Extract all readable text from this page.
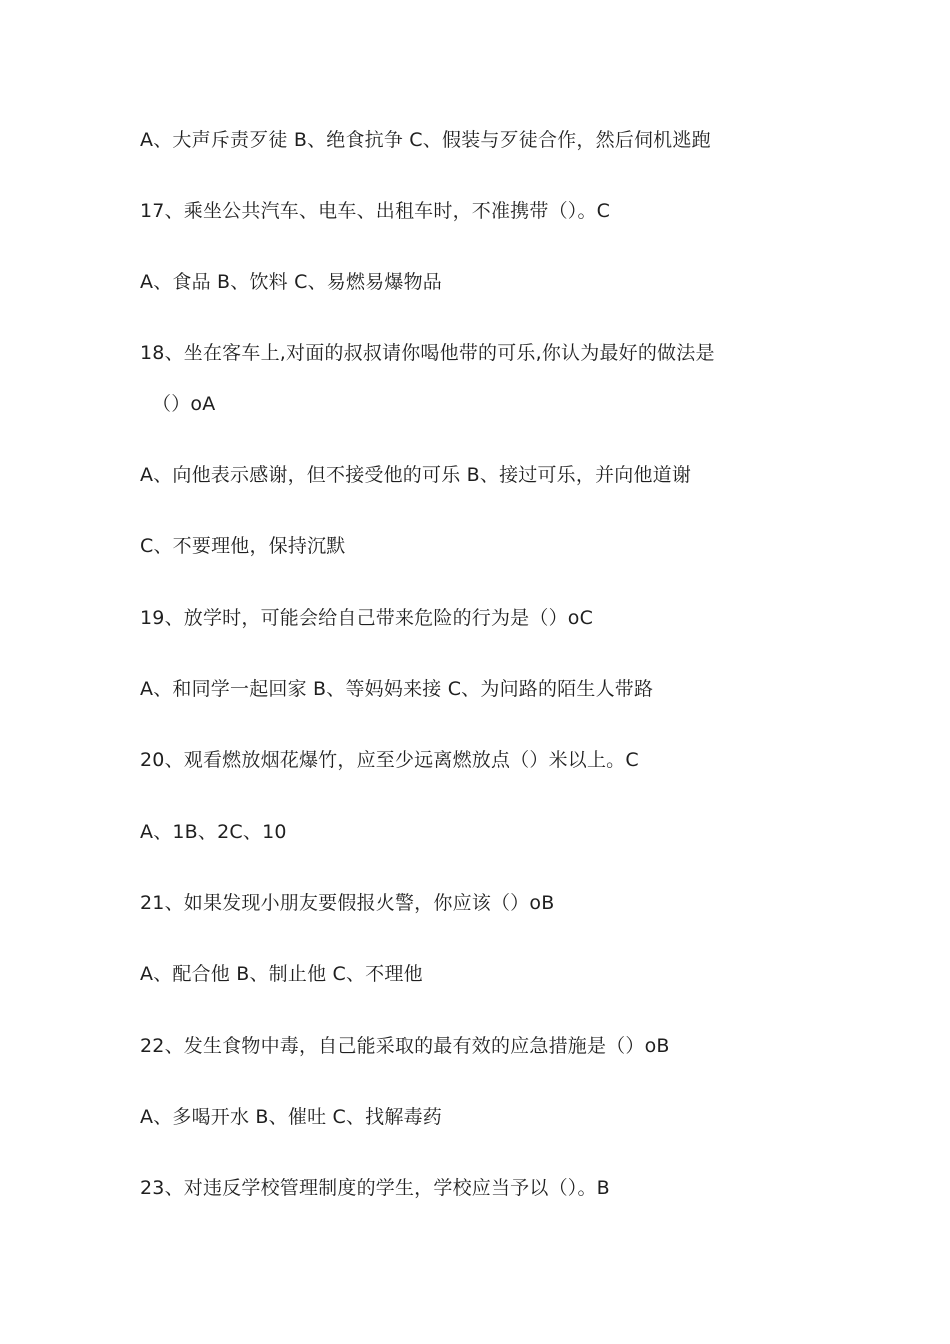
A、大声斥责歹徒 B、绝食抗争 C、假装与歹徒合作，然后伺机逃跑
17、乘坐公共汽车、电车、出租车时，不准携带（）。C
A、食品 B、饮料 C、易燃易爆物品
18、坐在客车上,对面的叔叔请你喝他带的可乐,你认为最好的做法是
（）oA
A、向他表示感谢，但不接受他的可乐 B、接过可乐，并向他道谢
C、不要理他，保持沉默
19、放学时，可能会给自己带来危险的行为是（）oC
A、和同学一起回家 B、等妈妈来接 C、为问路的陌生人带路
20、观看燃放烟花爆竹，应至少远离燃放点（）米以上。C
A、1B、2C、10
21、如果发现小朋友要假报火警，你应该（）oB
A、配合他 B、制止他 C、不理他
22、发生食物中毒，自己能采取的最有效的应急措施是（）oB
A、多喝开水 B、催吐 C、找解毒药
23、对违反学校管理制度的学生，学校应当予以（）。B
